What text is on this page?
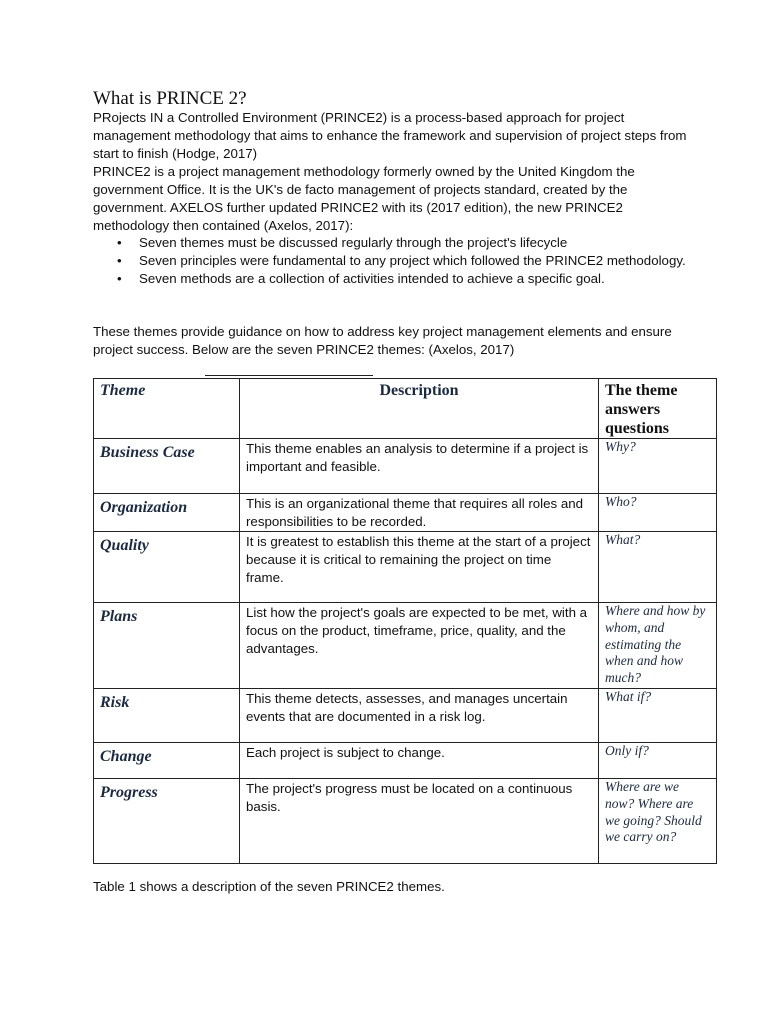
What is PRINCE 2?

PRojects IN a Controlled Environment (PRINCE2) is a process-based approach for project management methodology that aims to enhance the framework and supervision of project steps from start to finish (Hodge, 2017)

PRINCE2 is a project management methodology formerly owned by the United Kingdom the government Office. It is the UK's de facto management of projects standard, created by the government. AXELOS further updated PRINCE2 with its (2017 edition), the new PRINCE2 methodology then contained (Axelos, 2017):

• Seven themes must be discussed regularly through the project's lifecycle
• Seven principles were fundamental to any project which followed the PRINCE2 methodology.
• Seven methods are a collection of activities intended to achieve a specific goal.

These themes provide guidance on how to address key project management elements and ensure project success. Below are the seven PRINCE2 themes: (Axelos, 2017)

Theme	Description	The theme answers questions
Business Case	This theme enables an analysis to determine if a project is important and feasible.	Why?
Organization	This is an organizational theme that requires all roles and responsibilities to be recorded.	Who?
Quality	It is greatest to establish this theme at the start of a project because it is critical to remaining the project on time frame.	What?
Plans	List how the project's goals are expected to be met, with a focus on the product, timeframe, price, quality, and the advantages.	Where and how by whom, and estimating the when and how much?
Risk	This theme detects, assesses, and manages uncertain events that are documented in a risk log.	What if?
Change	Each project is subject to change.	Only if?
Progress	The project's progress must be located on a continuous basis.	Where are we now? Where are we going? Should we carry on?

Table 1 shows a description of the seven PRINCE2 themes.
